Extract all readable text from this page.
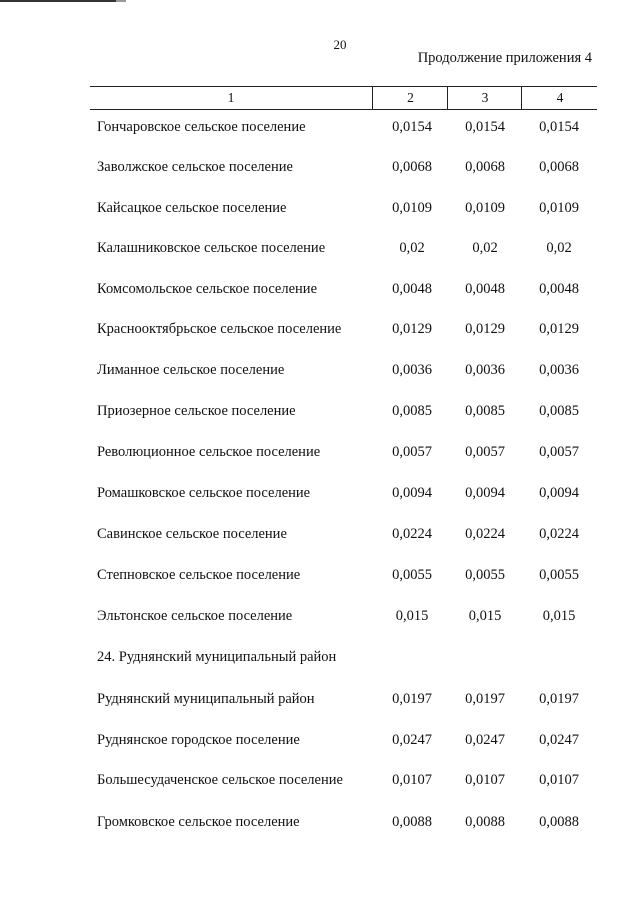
20
Продолжение приложения 4
1	2	3	4
Гончаровское сельское поселение	0,0154	0,0154	0,0154
Заволжское сельское поселение	0,0068	0,0068	0,0068
Кайсацкое сельское поселение	0,0109	0,0109	0,0109
Калашниковское сельское поселение	0,02	0,02	0,02
Комсомольское сельское поселение	0,0048	0,0048	0,0048
Краснооктябрьское сельское поселение	0,0129	0,0129	0,0129
Лиманное сельское поселение	0,0036	0,0036	0,0036
Приозерное сельское поселение	0,0085	0,0085	0,0085
Революционное сельское поселение	0,0057	0,0057	0,0057
Ромашковское сельское поселение	0,0094	0,0094	0,0094
Савинское сельское поселение	0,0224	0,0224	0,0224
Степновское сельское поселение	0,0055	0,0055	0,0055
Эльтонское сельское поселение	0,015	0,015	0,015
24. Руднянский муниципальный район
Руднянский муниципальный район	0,0197	0,0197	0,0197
Руднянское городское поселение	0,0247	0,0247	0,0247
Большесудаченское сельское поселение	0,0107	0,0107	0,0107
Громковское сельское поселение	0,0088	0,0088	0,0088
